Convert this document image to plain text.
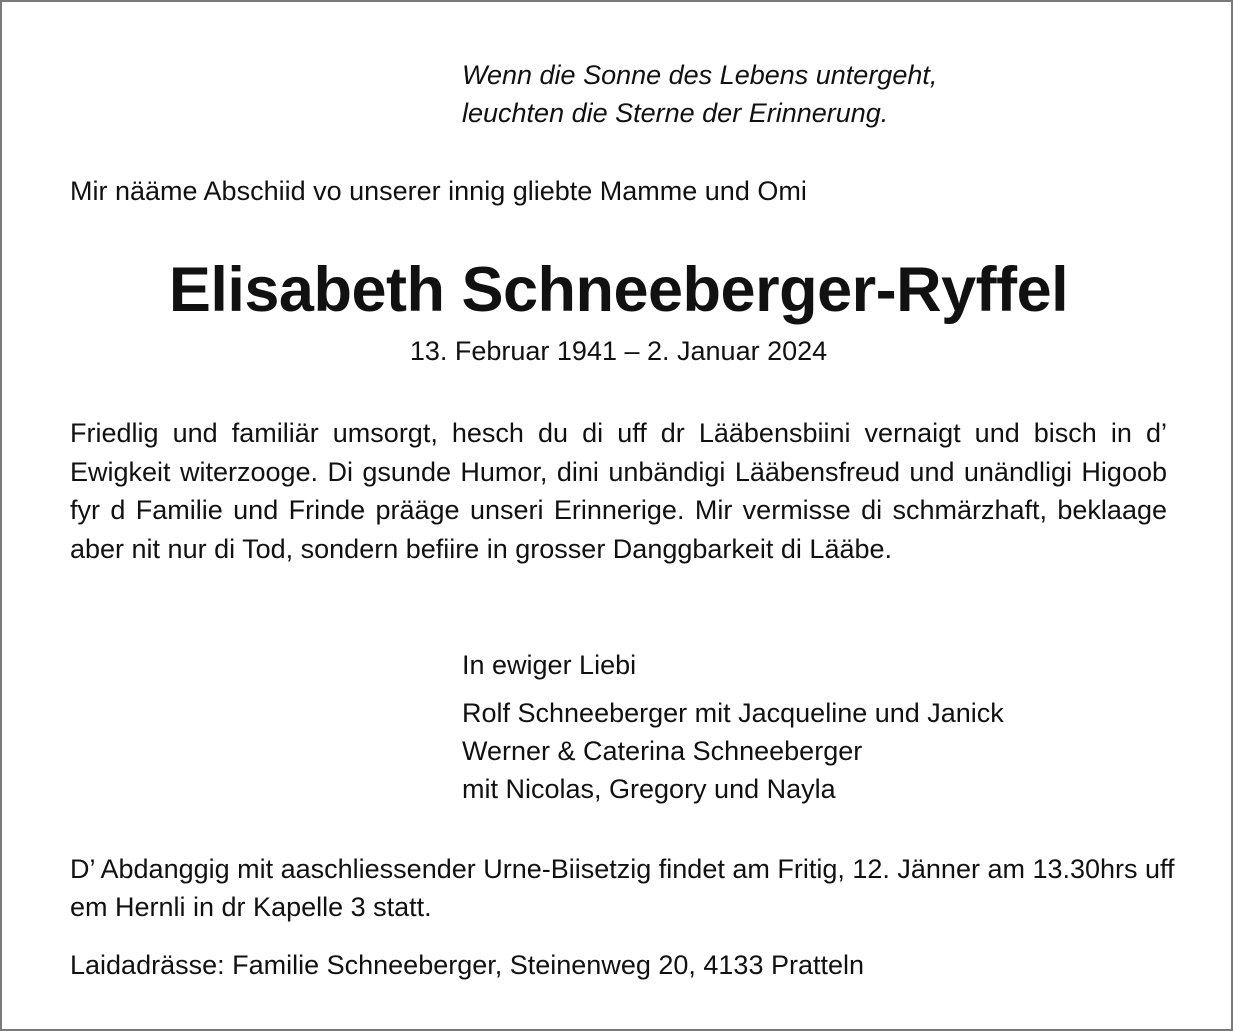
Wenn die Sonne des Lebens untergeht,
leuchten die Sterne der Erinnerung.
Mir nääme Abschiid vo unserer innig gliebte Mamme und Omi
Elisabeth Schneeberger-Ryffel
13. Februar 1941 – 2. Januar 2024
Friedlig und familiär umsorgt, hesch du di uff dr Lääbensbiini vernaigt und bisch in d’ Ewigkeit witerzooge. Di gsunde Humor, dini unbändigi Lääbensfreud und unändligi Higoob fyr d Familie und Frinde prääge unseri Erinnerige. Mir vermisse di schmärzhaft, beklaage aber nit nur di Tod, sondern befiire in grosser Danggbarkeit di Lääbe.
In ewiger Liebi
Rolf Schneeberger mit Jacqueline und Janick
Werner & Caterina Schneeberger
mit Nicolas, Gregory und Nayla
D’ Abdanggig mit aaschliessender Urne-Biisetzig findet am Fritig, 12. Jänner am 13.30hrs uff em Hernli in dr Kapelle 3 statt.
Laidadrässe: Familie Schneeberger, Steinenweg 20, 4133 Pratteln
